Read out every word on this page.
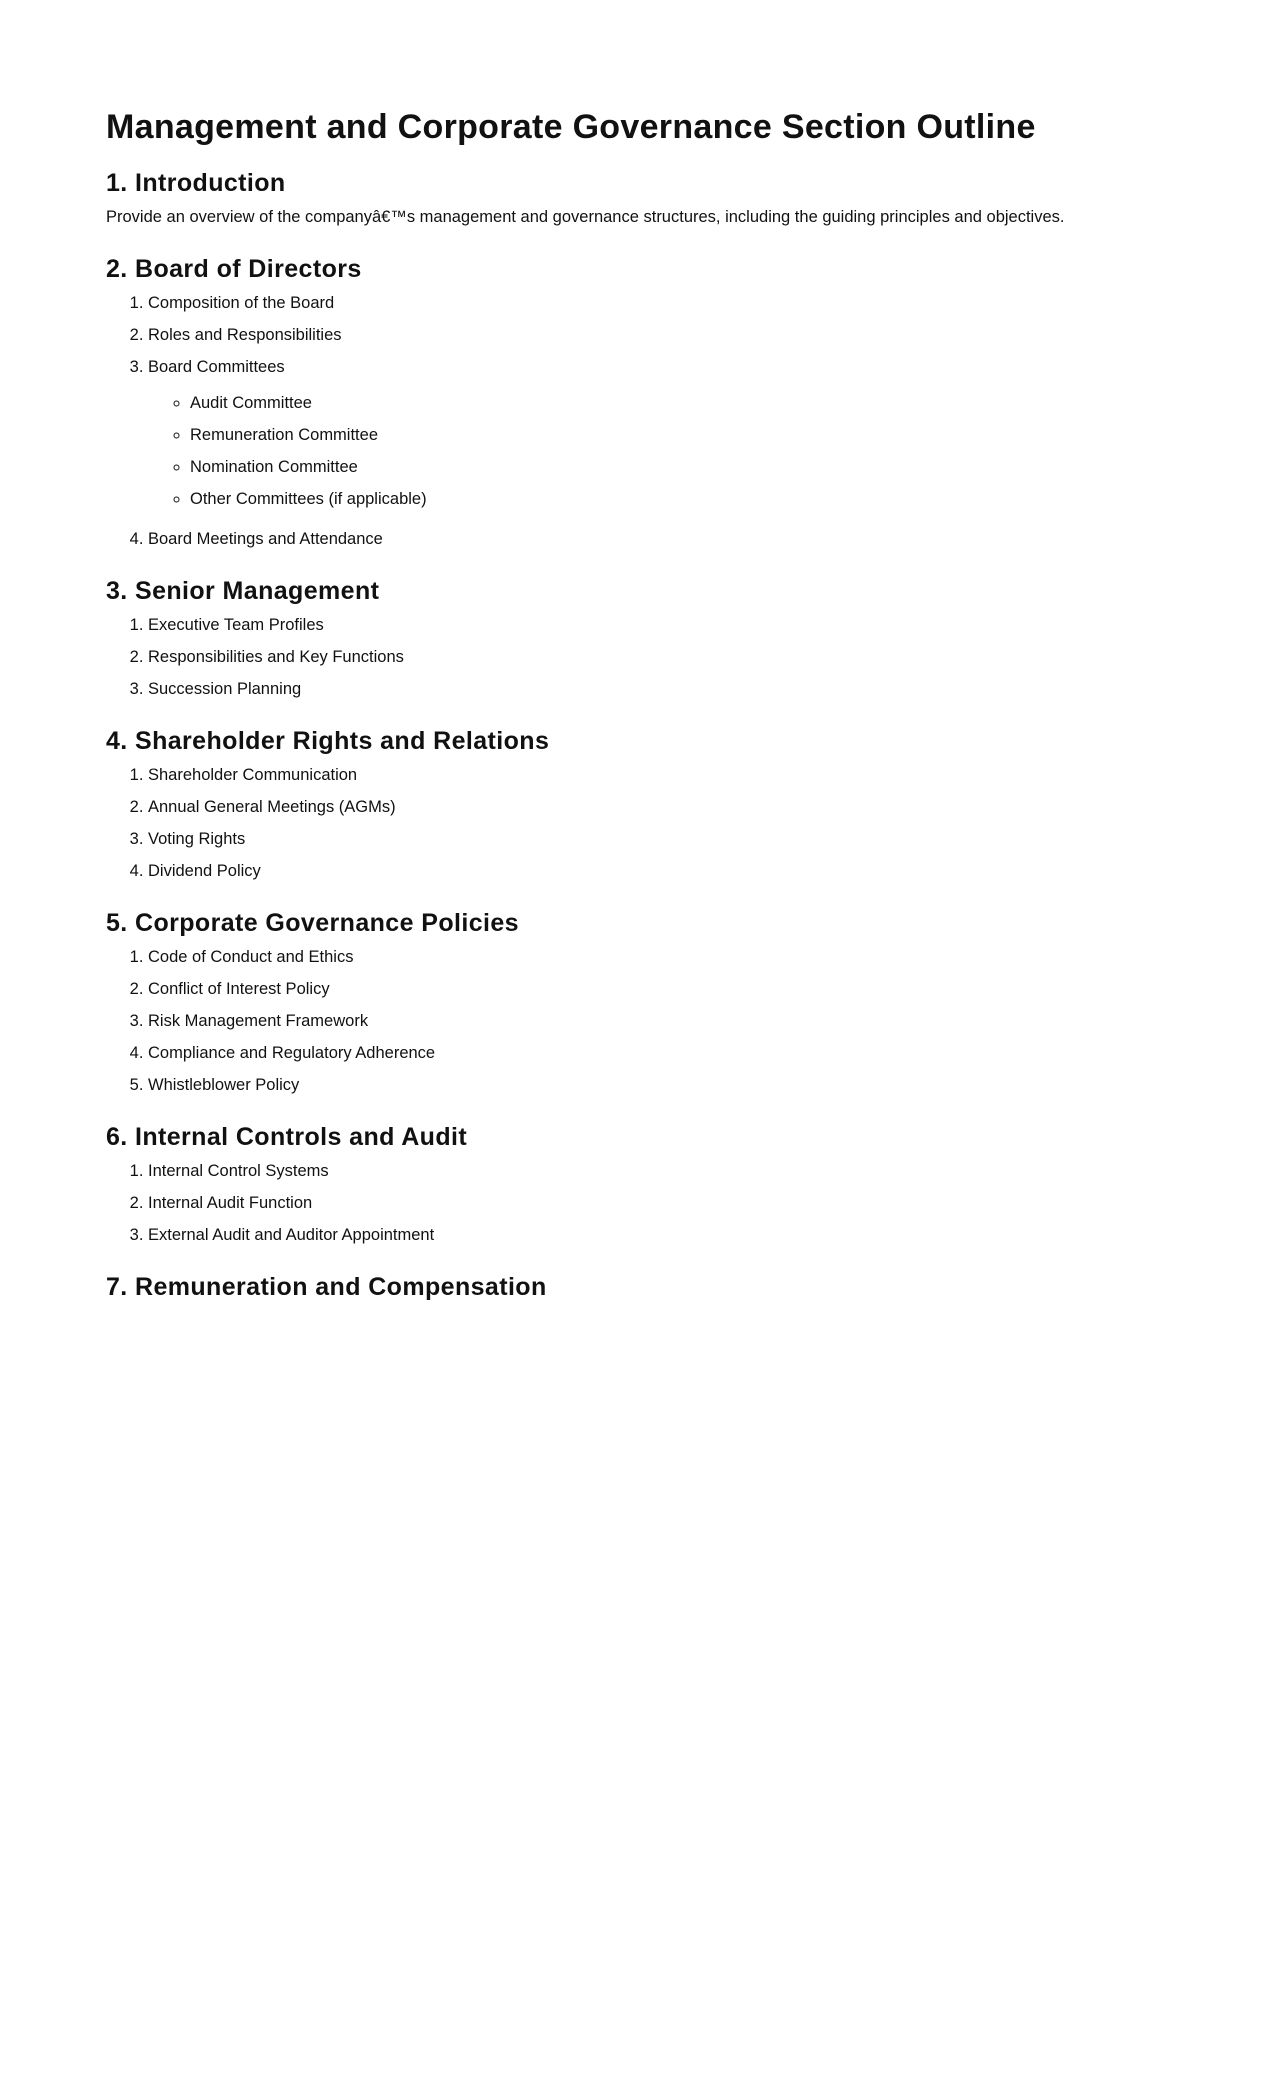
Management and Corporate Governance Section Outline
1. Introduction

Provide an overview of the companyâ€™s management and governance structures, including the guiding principles and objectives.

2. Board of Directors
1. Composition of the Board
2. Roles and Responsibilities
3. Board Committees
◦ Audit Committee
◦ Remuneration Committee
◦ Nomination Committee
◦ Other Committees (if applicable)
4. Board Meetings and Attendance
3. Senior Management
1. Executive Team Profiles
2. Responsibilities and Key Functions
3. Succession Planning
4. Shareholder Rights and Relations
1. Shareholder Communication
2. Annual General Meetings (AGMs)
3. Voting Rights
4. Dividend Policy
5. Corporate Governance Policies
1. Code of Conduct and Ethics
2. Conflict of Interest Policy
3. Risk Management Framework
4. Compliance and Regulatory Adherence
5. Whistleblower Policy
6. Internal Controls and Audit
1. Internal Control Systems
2. Internal Audit Function
3. External Audit and Auditor Appointment
7. Remuneration and Compensation
